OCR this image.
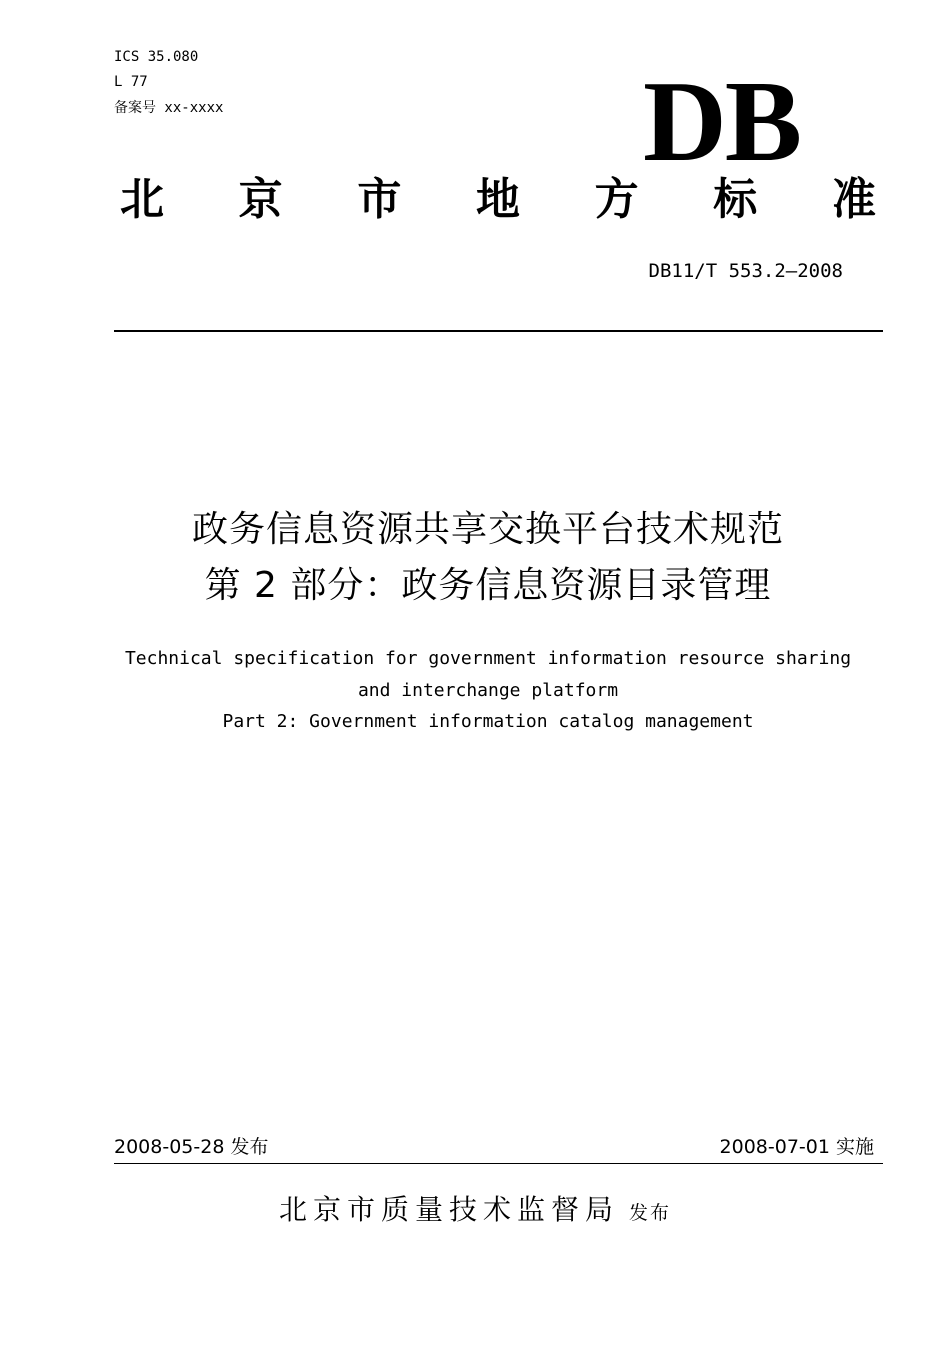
ICS 35.080
L 77
备案号 xx-xxxx	DB
北 京 市 地 方 标 准
DB11/T 553.2—2008
政务信息资源共享交换平台技术规范
第 2 部分：政务信息资源目录管理
Technical specification for government information resource sharing
and interchange platform
Part 2: Government information catalog management
2008-05-28 发布	2008-07-01 实施
北京市质量技术监督局 发布
